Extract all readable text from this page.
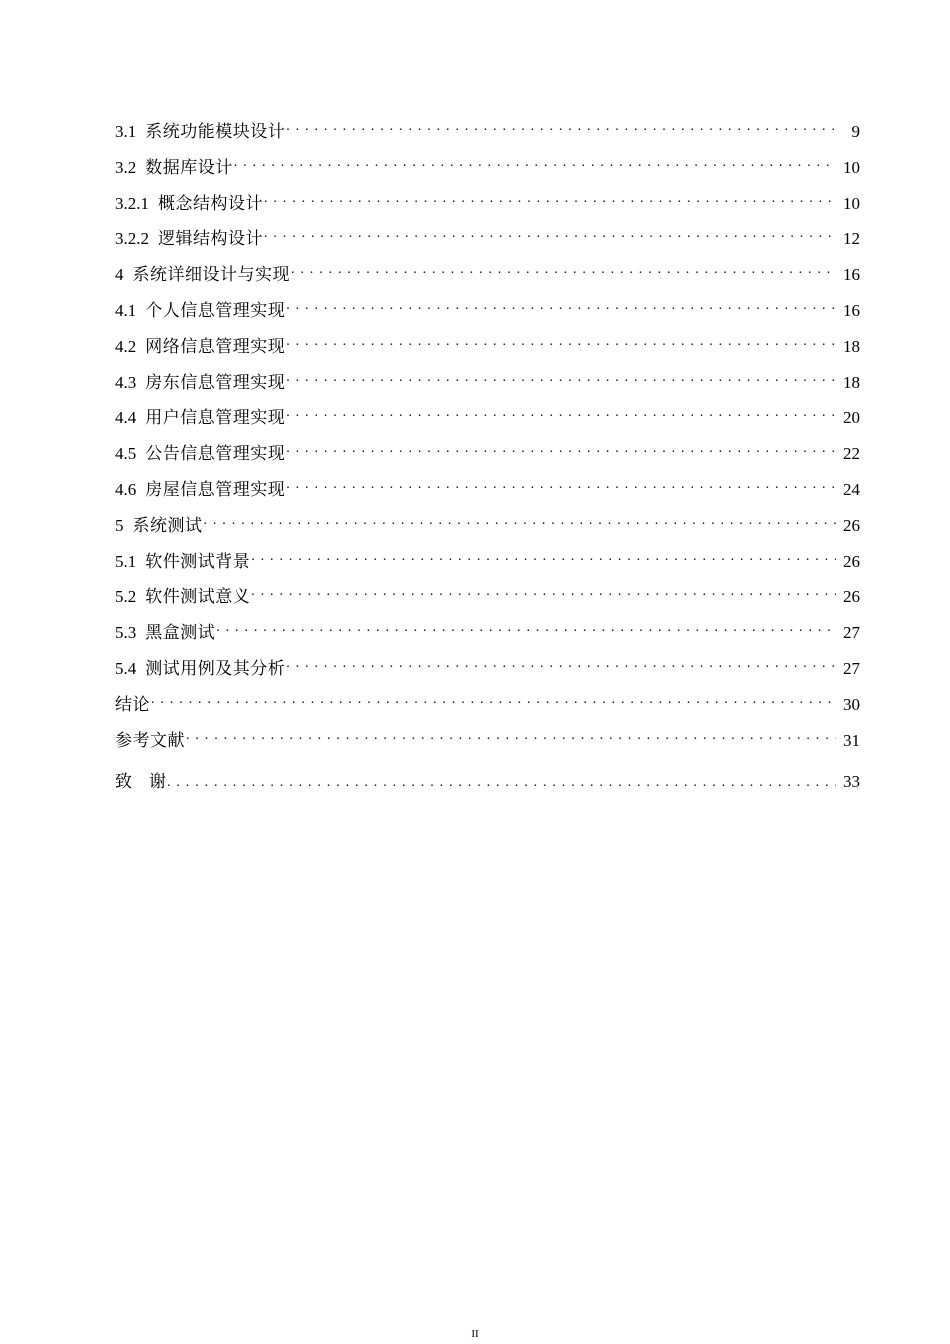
3.1 系统功能模块设计 . . .	9
3.2 数据库设计 . . .	10
3.2.1 概念结构设计 . . .	10
3.2.2 逻辑结构设计 . . .	12
4 系统详细设计与实现 . . .	16
4.1 个人信息管理实现 . . .	16
4.2 网络信息管理实现 . . .	18
4.3 房东信息管理实现 . . .	18
4.4 用户信息管理实现 . . .	20
4.5 公告信息管理实现 . . .	22
4.6 房屋信息管理实现 . . .	24
5 系统测试 . . .	26
5.1 软件测试背景 . . .	26
5.2 软件测试意义 . . .	26
5.3 黑盒测试 . . .	27
5.4 测试用例及其分析 . . .	27
结论 . . .	30
参考文献 . . .	31
致　谢 . . .	33
II
